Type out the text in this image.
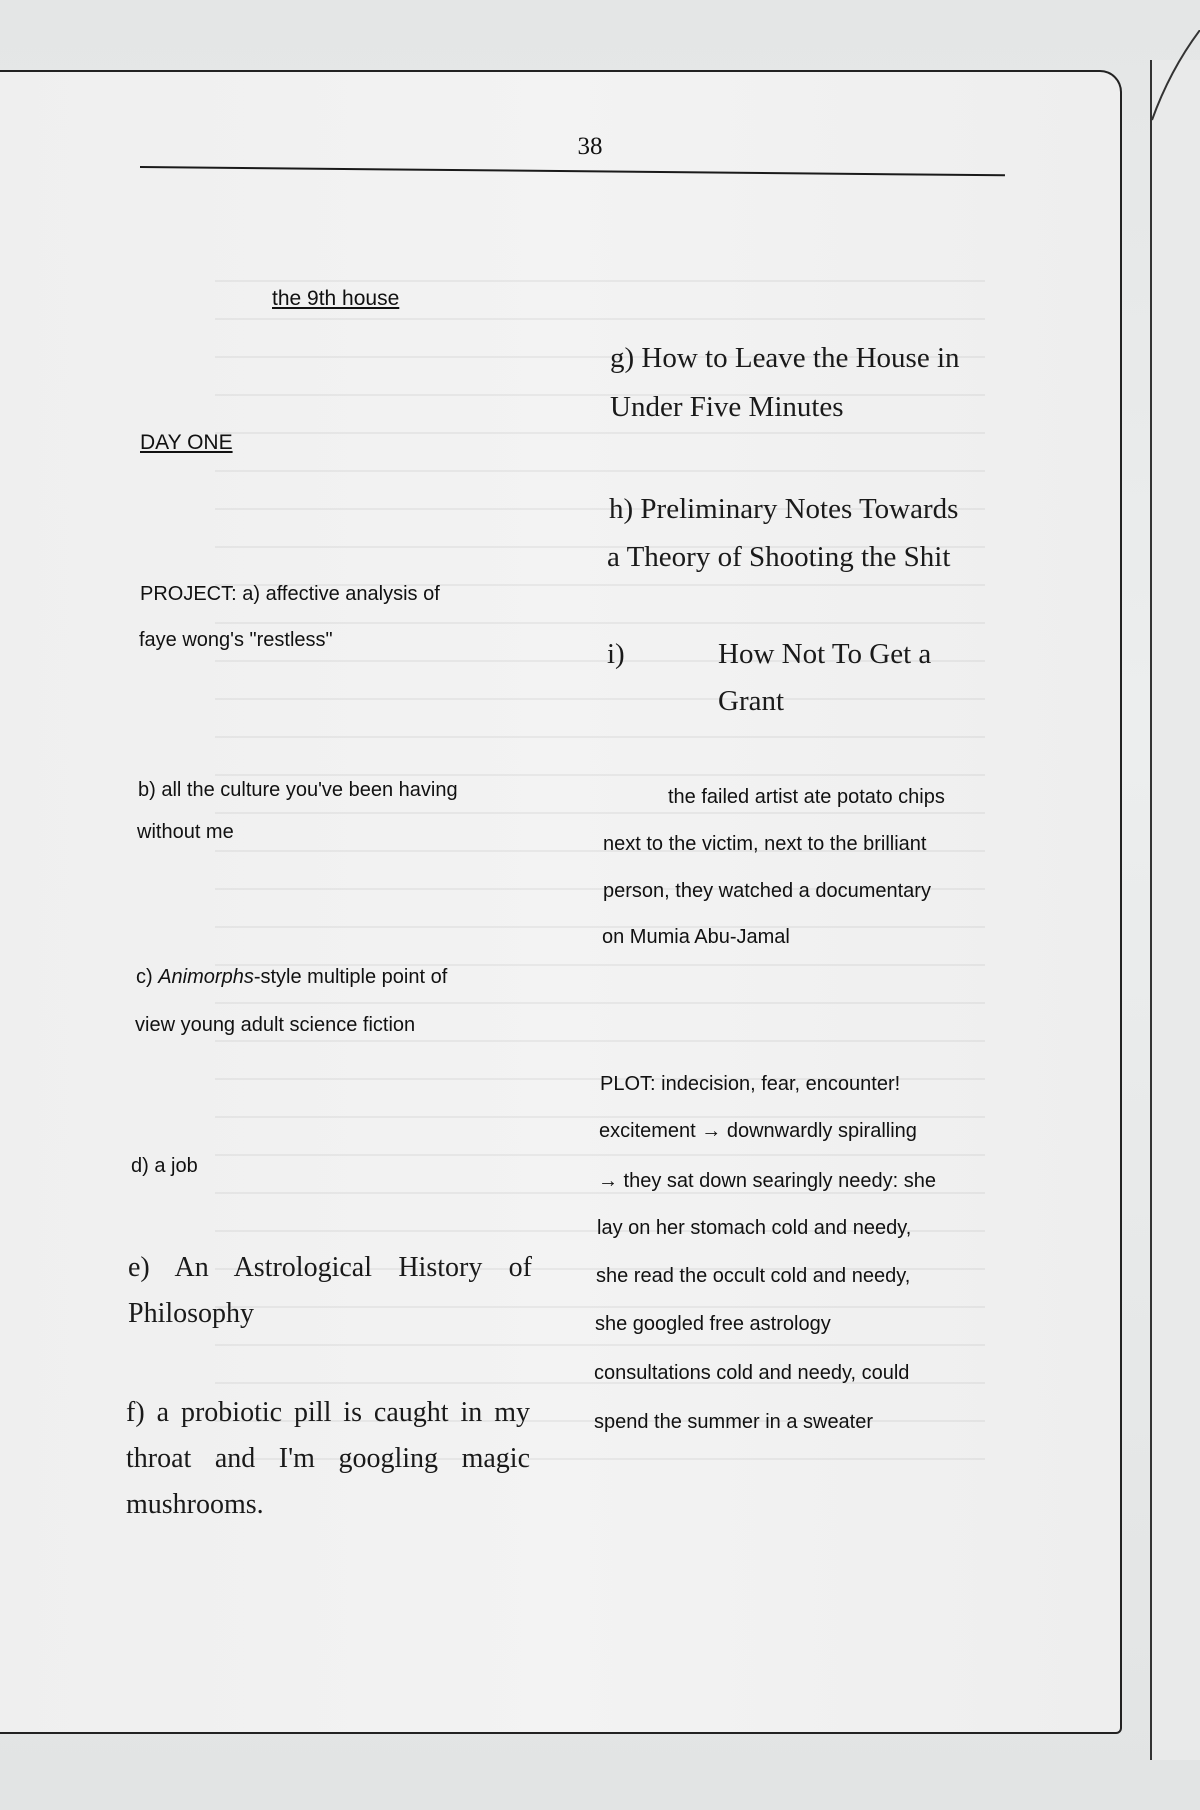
38

the 9th house

DAY ONE

PROJECT: a) affective analysis of

faye wong's "restless"

b) all the culture you've been having

without me

c) Animorphs-style multiple point of

view young adult science fiction

d) a job

e) An Astrological History of Philosophy

f) a probiotic pill is caught in my throat and I'm googling magic mushrooms.

g) How to Leave the House in

Under Five Minutes

h) Preliminary Notes Towards

a Theory of Shooting the Shit

i)	How Not To Get a

Grant

the failed artist ate potato chips

next to the victim, next to the brilliant

person, they watched a documentary

on Mumia Abu-Jamal

PLOT: indecision, fear, encounter!

excitement → downwardly spiralling

→ they sat down searingly needy: she

lay on her stomach cold and needy,

she read the occult cold and needy,

she googled free astrology

consultations cold and needy, could

spend the summer in a sweater
